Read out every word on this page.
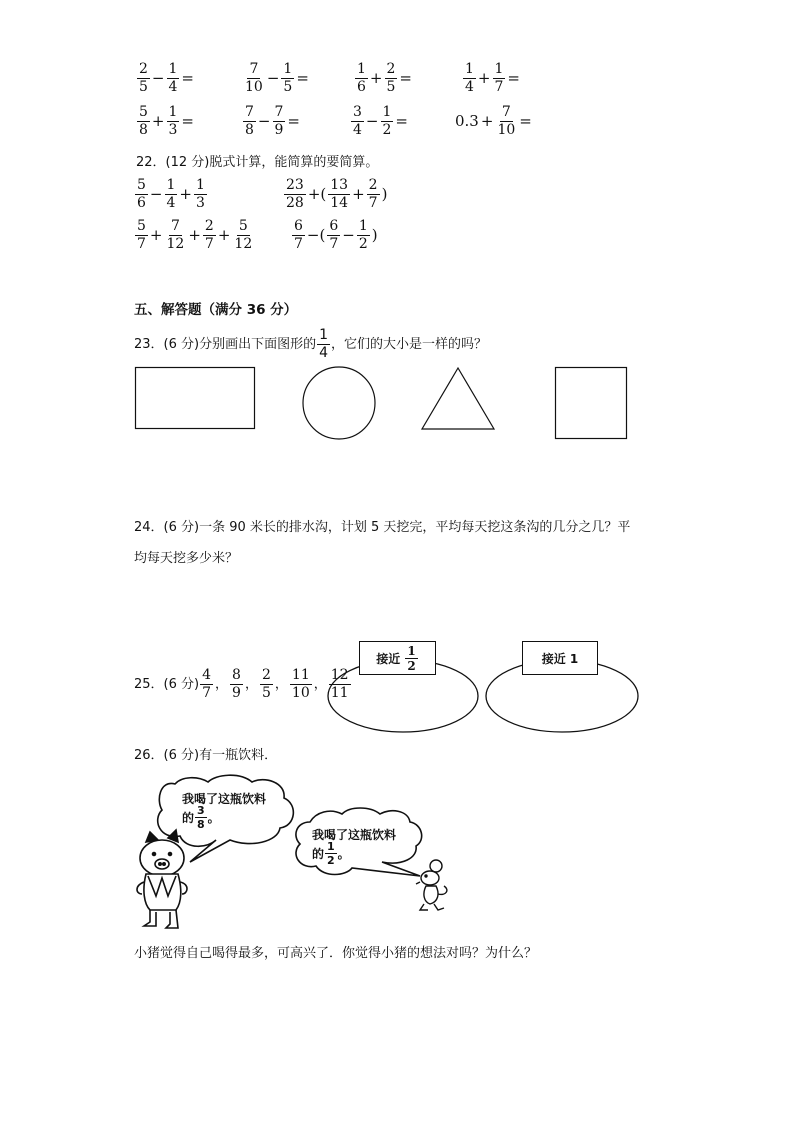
$\frac{2}{5} - \frac{1}{4}$ =	$\frac{7}{10} - \frac{1}{5}$ =	$\frac{1}{6} + \frac{2}{5}$ =	$\frac{1}{4} + \frac{1}{7}$ =
$\frac{5}{8} + \frac{1}{3}$ =	$\frac{7}{8} - \frac{7}{9}$ =	$\frac{3}{4} - \frac{1}{2}$ =	$0.3 + \frac{7}{10}$ =
22．(12 分)脱式计算，能简算的要简算。
$\frac{5}{6} - \frac{1}{4} + \frac{1}{3}$	$\frac{23}{28}$ +( $\frac{13}{14} + \frac{2}{7}$ )
$\frac{5}{7} + \frac{7}{12} + \frac{2}{7} + \frac{5}{12}$	$\frac{6}{7}$ −( $\frac{6}{7} - \frac{1}{2}$ )
五、解答题（满分 36 分）
23．(6 分)分别画出下面图形的 $\frac{1}{4}$ ，它们的大小是一样的吗？
24．(6 分)一条 90 米长的排水沟，计划 5 天挖完，平均每天挖这条沟的几分之几？平
均每天挖多少米？
25．(6 分) $\frac{4}{7}$ ， $\frac{8}{9}$ ， $\frac{2}{5}$ ， $\frac{11}{10}$ ， $\frac{12}{11}$
接近
$\frac{1}{2}$	接近 1
26．(6 分)有一瓶饮料．
我喝了这瓶饮料
的 $\frac{3}{8}$ 。
我喝了这瓶饮料
的 $\frac{1}{2}$ 。
小猪觉得自己喝得最多，可高兴了．你觉得小猪的想法对吗？为什么？
